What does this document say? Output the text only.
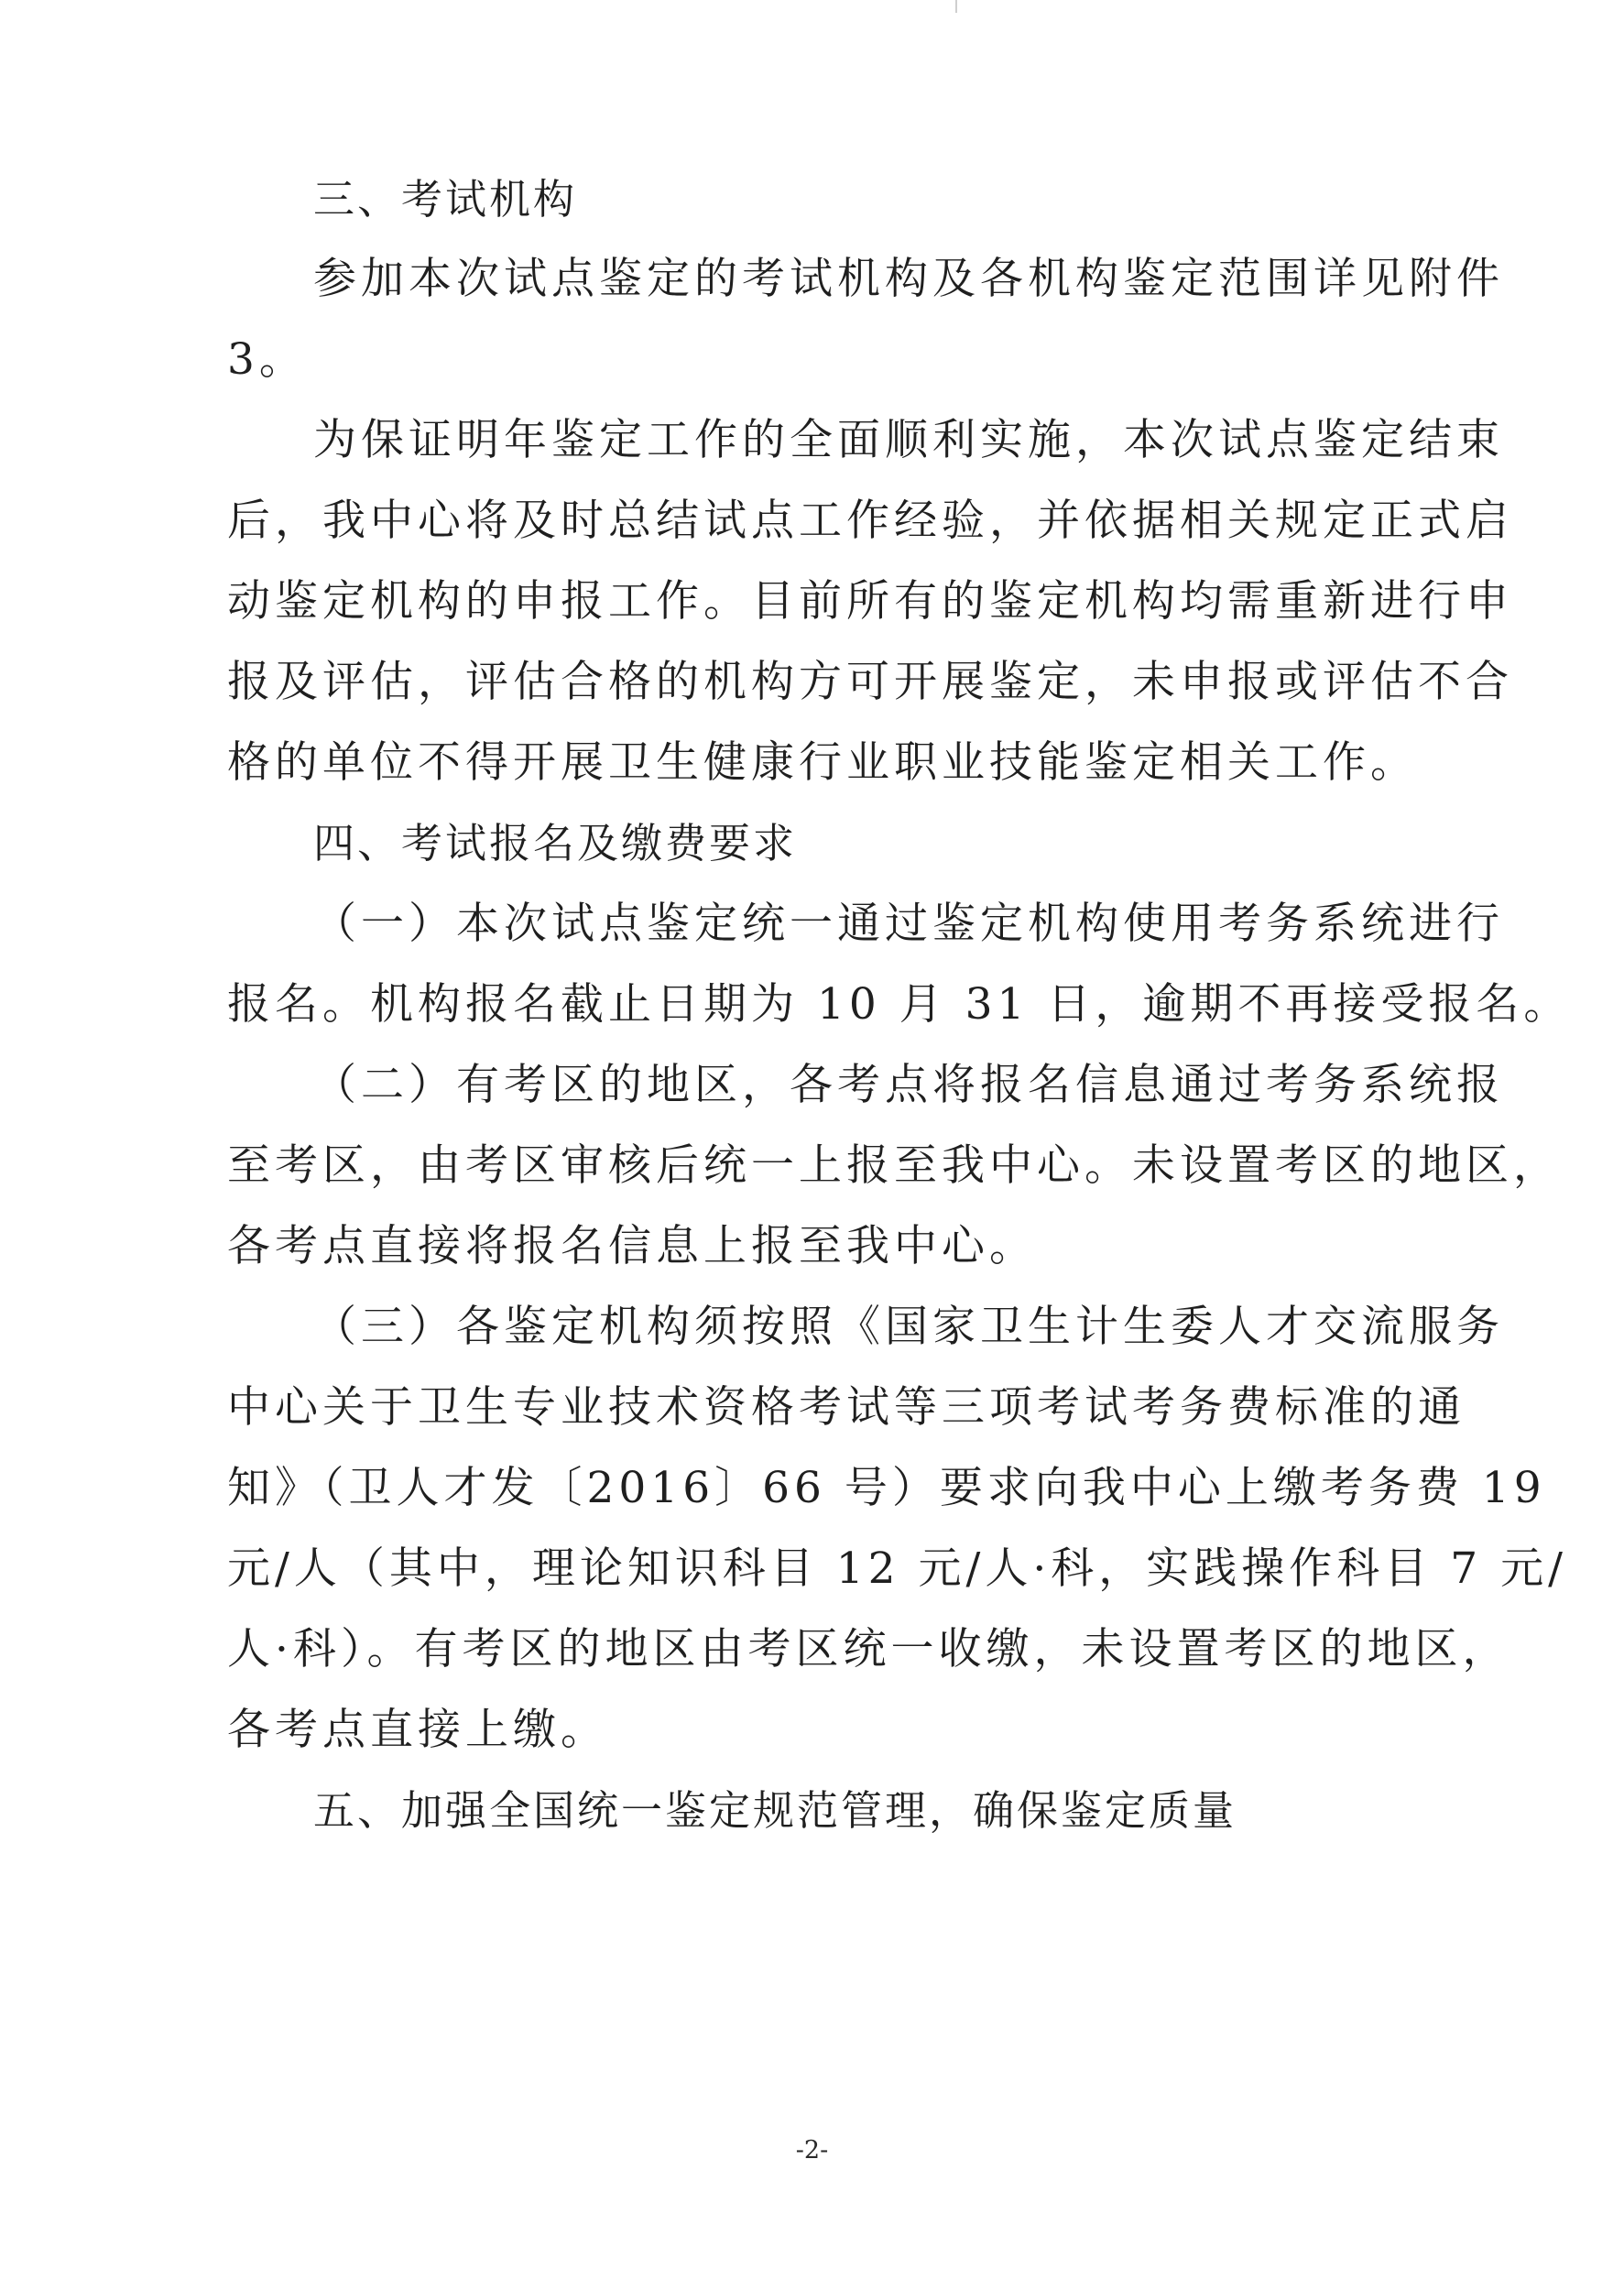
三、考试机构
参加本次试点鉴定的考试机构及各机构鉴定范围详见附件
3。
为保证明年鉴定工作的全面顺利实施，本次试点鉴定结束
后，我中心将及时总结试点工作经验，并依据相关规定正式启
动鉴定机构的申报工作。目前所有的鉴定机构均需重新进行申
报及评估，评估合格的机构方可开展鉴定，未申报或评估不合
格的单位不得开展卫生健康行业职业技能鉴定相关工作。
四、考试报名及缴费要求
（一）本次试点鉴定统一通过鉴定机构使用考务系统进行
报名。机构报名截止日期为 10 月 31 日，逾期不再接受报名。
（二）有考区的地区，各考点将报名信息通过考务系统报
至考区，由考区审核后统一上报至我中心。未设置考区的地区，
各考点直接将报名信息上报至我中心。
（三）各鉴定机构须按照《国家卫生计生委人才交流服务
中心关于卫生专业技术资格考试等三项考试考务费标准的通
知》（卫人才发〔2016〕66 号）要求向我中心上缴考务费 19
元/人（其中，理论知识科目 12 元/人·科，实践操作科目 7 元/
人·科）。有考区的地区由考区统一收缴，未设置考区的地区，
各考点直接上缴。
五、加强全国统一鉴定规范管理，确保鉴定质量
-2-
